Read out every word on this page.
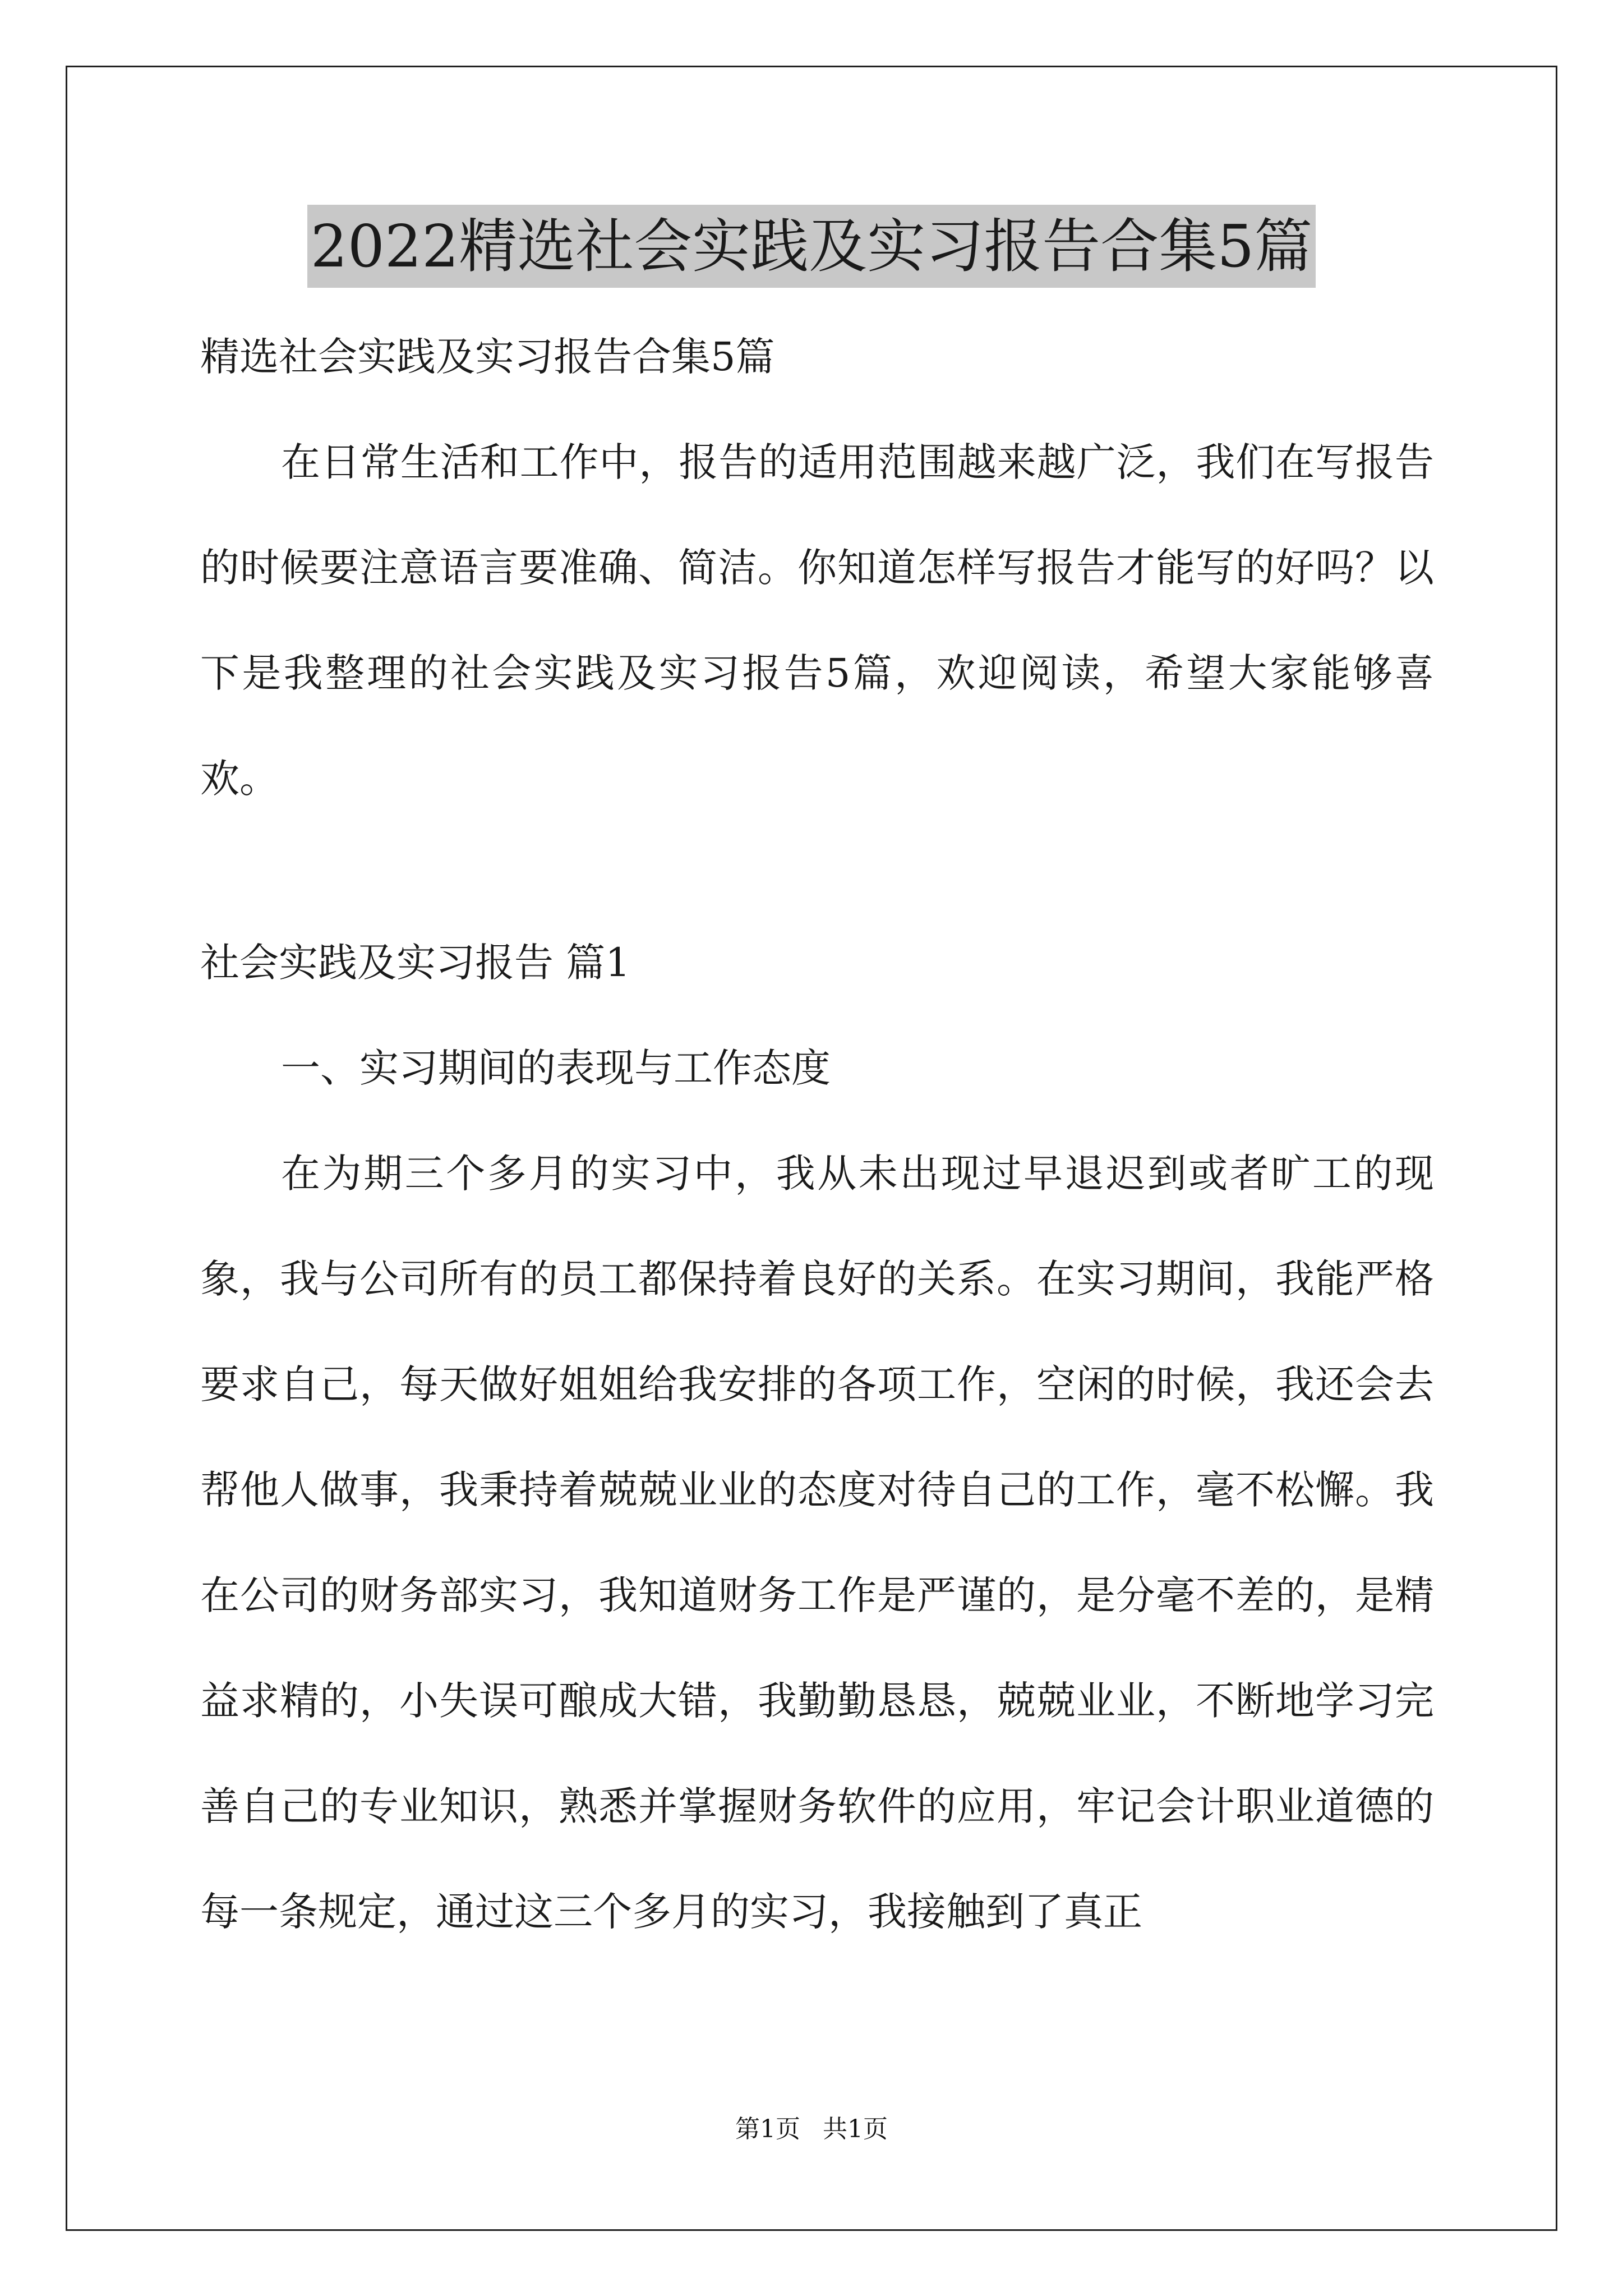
2022精选社会实践及实习报告合集5篇

精选社会实践及实习报告合集5篇

在日常生活和工作中，报告的适用范围越来越广泛，我们在写报告的时候要注意语言要准确、简洁。你知道怎样写报告才能写的好吗？以下是我整理的社会实践及实习报告5篇，欢迎阅读，希望大家能够喜欢。

社会实践及实习报告 篇1

一、实习期间的表现与工作态度

在为期三个多月的实习中，我从未出现过早退迟到或者旷工的现象，我与公司所有的员工都保持着良好的关系。在实习期间，我能严格要求自己，每天做好姐姐给我安排的各项工作，空闲的时候，我还会去帮他人做事，我秉持着兢兢业业的态度对待自己的工作，毫不松懈。我在公司的财务部实习，我知道财务工作是严谨的，是分毫不差的，是精益求精的，小失误可酿成大错，我勤勤恳恳，兢兢业业，不断地学习完善自己的专业知识，熟悉并掌握财务软件的应用，牢记会计职业道德的每一条规定，通过这三个多月的实习，我接触到了真正

第1页 共1页
